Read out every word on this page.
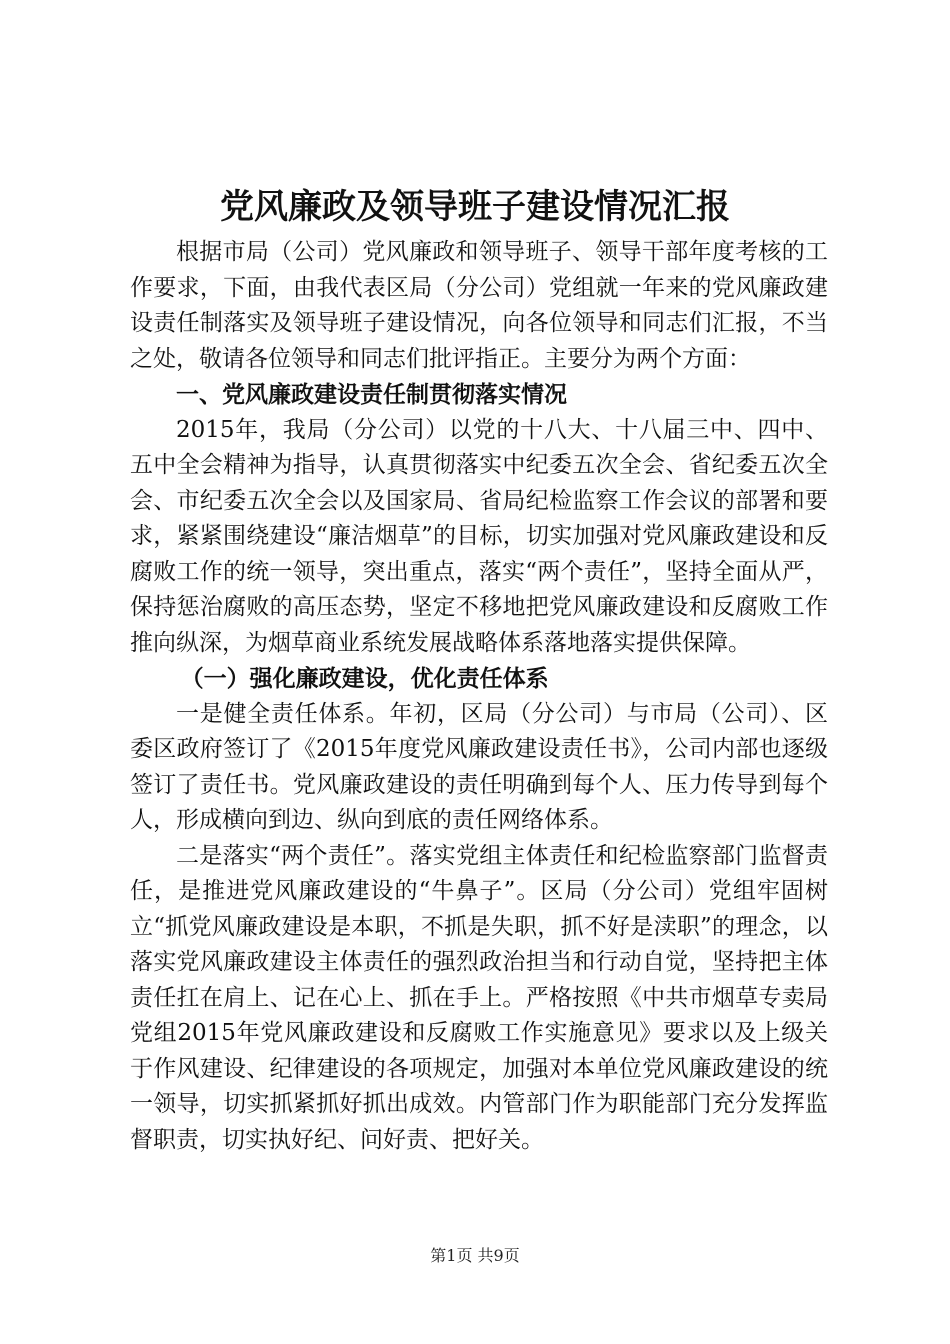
党风廉政及领导班子建设情况汇报

根据市局（公司）党风廉政和领导班子、领导干部年度考核的工作要求，下面，由我代表区局（分公司）党组就一年来的党风廉政建设责任制落实及领导班子建设情况，向各位领导和同志们汇报，不当之处，敬请各位领导和同志们批评指正。主要分为两个方面：

一、党风廉政建设责任制贯彻落实情况

2015年，我局（分公司）以党的十八大、十八届三中、四中、五中全会精神为指导，认真贯彻落实中纪委五次全会、省纪委五次全会、市纪委五次全会以及国家局、省局纪检监察工作会议的部署和要求，紧紧围绕建设“廉洁烟草”的目标，切实加强对党风廉政建设和反腐败工作的统一领导，突出重点，落实“两个责任”，坚持全面从严，保持惩治腐败的高压态势，坚定不移地把党风廉政建设和反腐败工作推向纵深，为烟草商业系统发展战略体系落地落实提供保障。

（一）强化廉政建设，优化责任体系

一是健全责任体系。年初，区局（分公司）与市局（公司）、区委区政府签订了《2015年度党风廉政建设责任书》，公司内部也逐级签订了责任书。党风廉政建设的责任明确到每个人、压力传导到每个人，形成横向到边、纵向到底的责任网络体系。

二是落实“两个责任”。落实党组主体责任和纪检监察部门监督责任，是推进党风廉政建设的“牛鼻子”。区局（分公司）党组牢固树立“抓党风廉政建设是本职，不抓是失职，抓不好是渎职”的理念，以落实党风廉政建设主体责任的强烈政治担当和行动自觉，坚持把主体责任扛在肩上、记在心上、抓在手上。严格按照《中共市烟草专卖局党组2015年党风廉政建设和反腐败工作实施意见》要求以及上级关于作风建设、纪律建设的各项规定，加强对本单位党风廉政建设的统一领导，切实抓紧抓好抓出成效。内管部门作为职能部门充分发挥监督职责，切实执好纪、问好责、把好关。

第1页 共9页
